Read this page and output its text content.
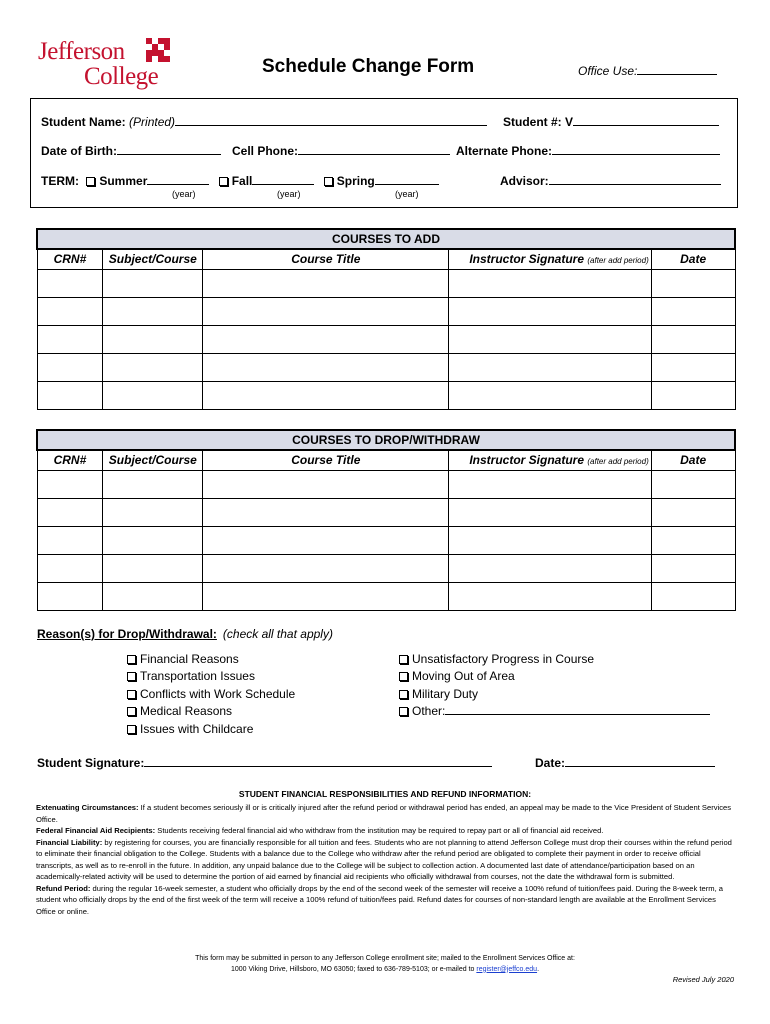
Jefferson
College	Schedule Change Form	Office Use:
Student Name: (Printed)	Student #: V
Date of Birth:	Cell Phone:	Alternate Phone:
TERM: Summer	Fall	Spring
(year)	(year)	(year)
Advisor:
COURSES TO ADD				
CRN#	Subject/Course	Course Title	Instructor Signature (after add period)	Date

COURSES TO DROP/WITHDRAW				
CRN#	Subject/Course	Course Title	Instructor Signature (after add period)	Date

Reason(s) for Drop/Withdrawal: (check all that apply)
Financial Reasons
Transportation Issues
Conflicts with Work Schedule
Medical Reasons
Issues with Childcare
Unsatisfactory Progress in Course
Moving Out of Area
Military Duty
Other:
Student Signature:	Date:
STUDENT FINANCIAL RESPONSIBILITIES AND REFUND INFORMATION:
Extenuating Circumstances: If a student becomes seriously ill or is critically injured after the refund period or withdrawal period has ended, an appeal may be made to the Vice President of Student Services Office.
Federal Financial Aid Recipients: Students receiving federal financial aid who withdraw from the institution may be required to repay part or all of financial aid received.
Financial Liability: by registering for courses, you are financially responsible for all tuition and fees. Students who are not planning to attend Jefferson College must drop their courses within the refund period to eliminate their financial obligation to the College. Students with a balance due to the College who withdraw after the refund period are obligated to complete their payment in order to receive official transcripts, as well as to re-enroll in the future. In addition, any unpaid balance due to the College will be subject to collection action. A documented last date of attendance/participation based on an academically-related activity will be used to determine the portion of aid earned by financial aid recipients who officially withdrawal from courses, not the date the withdrawal form is submitted.
Refund Period: during the regular 16-week semester, a student who officially drops by the end of the second week of the semester will receive a 100% refund of tuition/fees paid. During the 8-week term, a student who officially drops by the end of the first week of the term will receive a 100% refund of tuition/fees paid. Refund dates for courses of non-standard length are available at the Enrollment Services Office or online.
This form may be submitted in person to any Jefferson College enrollment site; mailed to the Enrollment Services Office at:
1000 Viking Drive, Hillsboro, MO 63050; faxed to 636-789-5103; or e-mailed to register@jeffco.edu.
Revised July 2020
